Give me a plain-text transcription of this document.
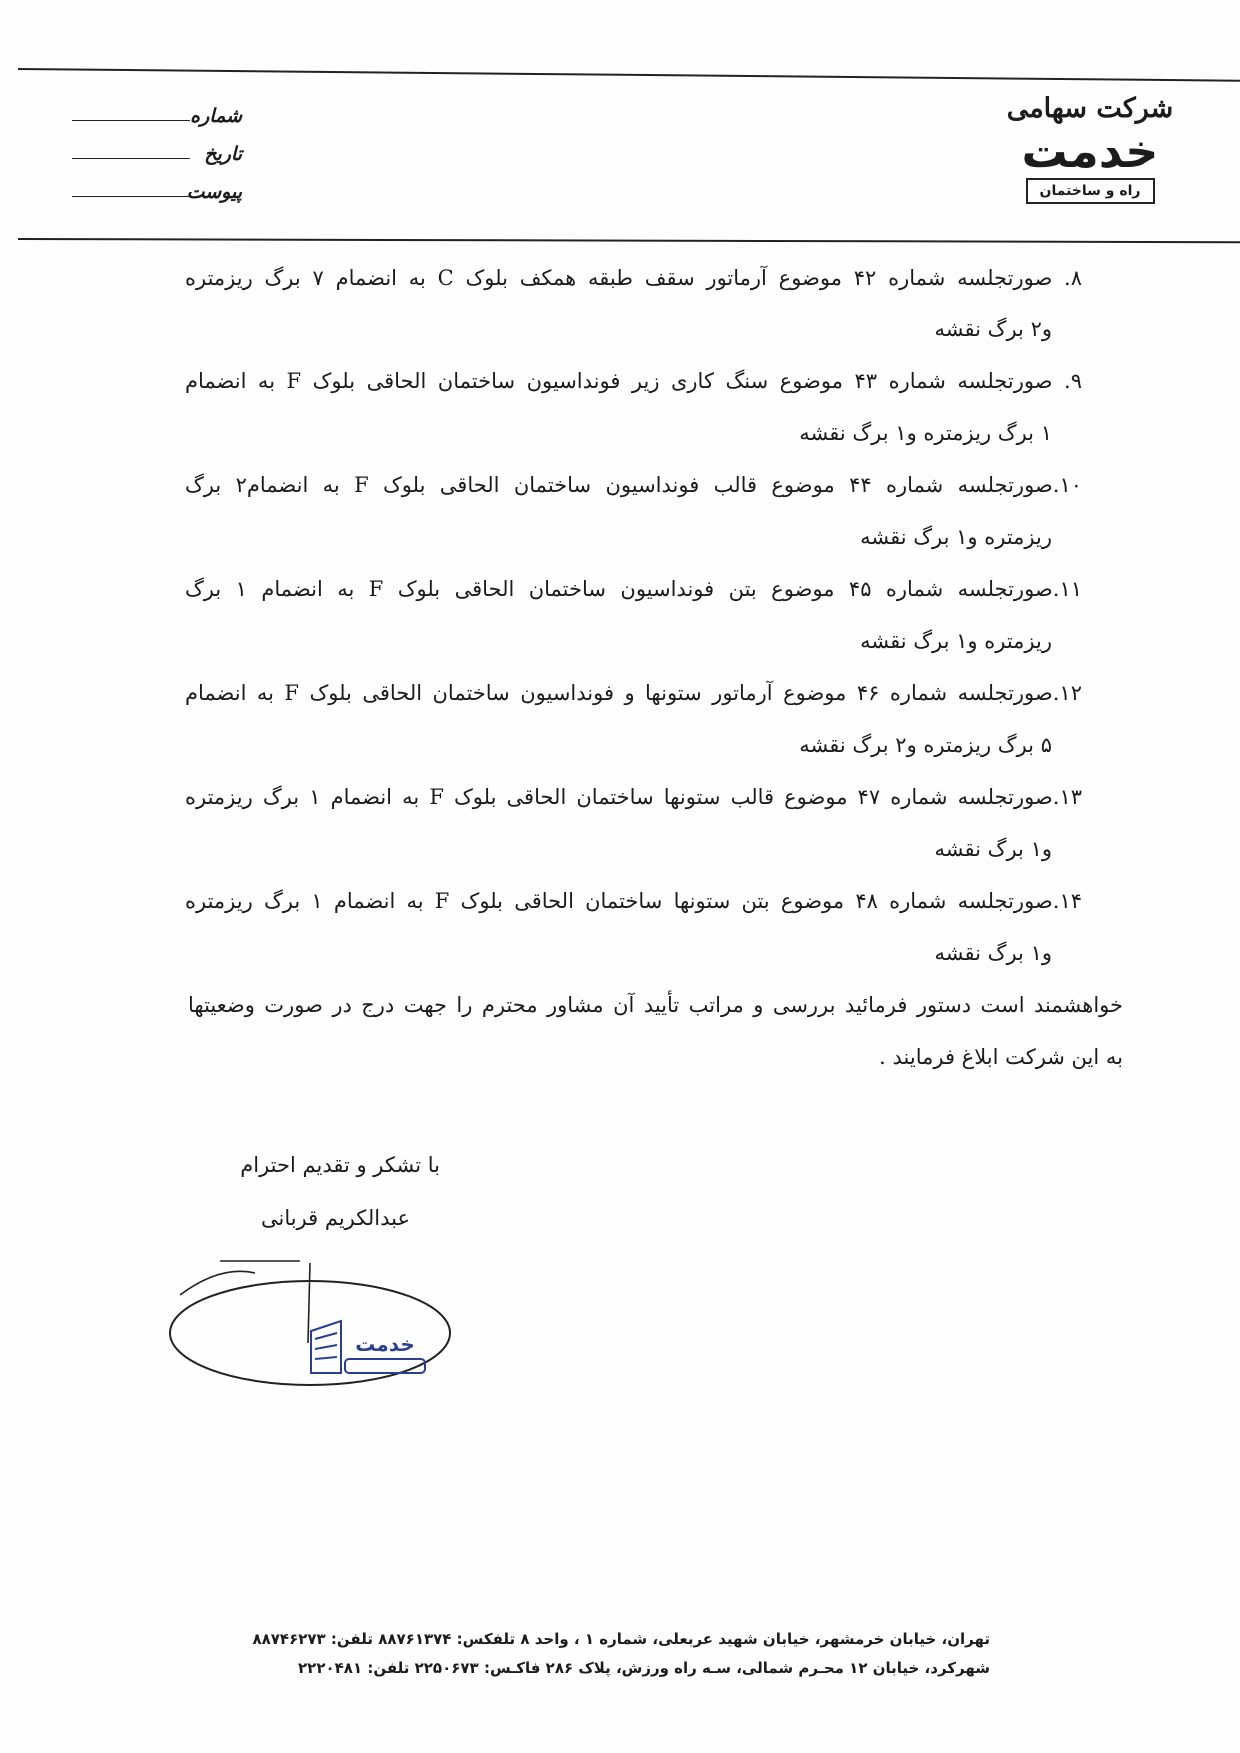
شرکت سهامی
خدمت
راه و ساختمان
شماره
تاریخ
پیوست
۸. صورتجلسه شماره ۴۲ موضوع آرماتور سقف طبقه همکف بلوک C به انضمام ۷ برگ ریزمتره
و۲ برگ نقشه
۹. صورتجلسه شماره ۴۳ موضوع سنگ کاری زیر فونداسیون ساختمان الحاقی بلوک F به انضمام
۱ برگ ریزمتره و۱ برگ نقشه
۱۰.صورتجلسه شماره ۴۴ موضوع قالب فونداسیون ساختمان الحاقی بلوک F به انضمام۲ برگ
ریزمتره و۱ برگ نقشه
۱۱.صورتجلسه شماره ۴۵ موضوع بتن فونداسیون ساختمان الحاقی بلوک F به انضمام ۱ برگ
ریزمتره و۱ برگ نقشه
۱۲.صورتجلسه شماره ۴۶ موضوع آرماتور ستونها و فونداسیون ساختمان الحاقی بلوک F به انضمام
۵ برگ ریزمتره و۲ برگ نقشه
۱۳.صورتجلسه شماره ۴۷ موضوع قالب ستونها ساختمان الحاقی بلوک F به انضمام ۱ برگ ریزمتره
و۱ برگ نقشه
۱۴.صورتجلسه شماره ۴۸ موضوع بتن ستونها ساختمان الحاقی بلوک F به انضمام ۱ برگ ریزمتره
و۱ برگ نقشه
خواهشمند است دستور فرمائید بررسی و مراتب تأیید آن مشاور محترم را جهت درج در صورت وضعیتها
به این شرکت ابلاغ فرمایند .
با تشکر و تقدیم احترام
عبدالکریم قربانی
خدمت
تهران، خیابان خرمشهر، خیابان شهید عربعلی، شماره ۱ ، واحد ۸ تلفکس: ۸۸۷۶۱۳۷۴ تلفن: ۸۸۷۴۶۲۷۳
شهرکرد، خیابان ۱۲ محـرم شمالی، سـه راه ورزش، پلاک ۲۸۶ فاکـس: ۲۲۵۰۶۷۳ تلفن: ۲۲۲۰۴۸۱
